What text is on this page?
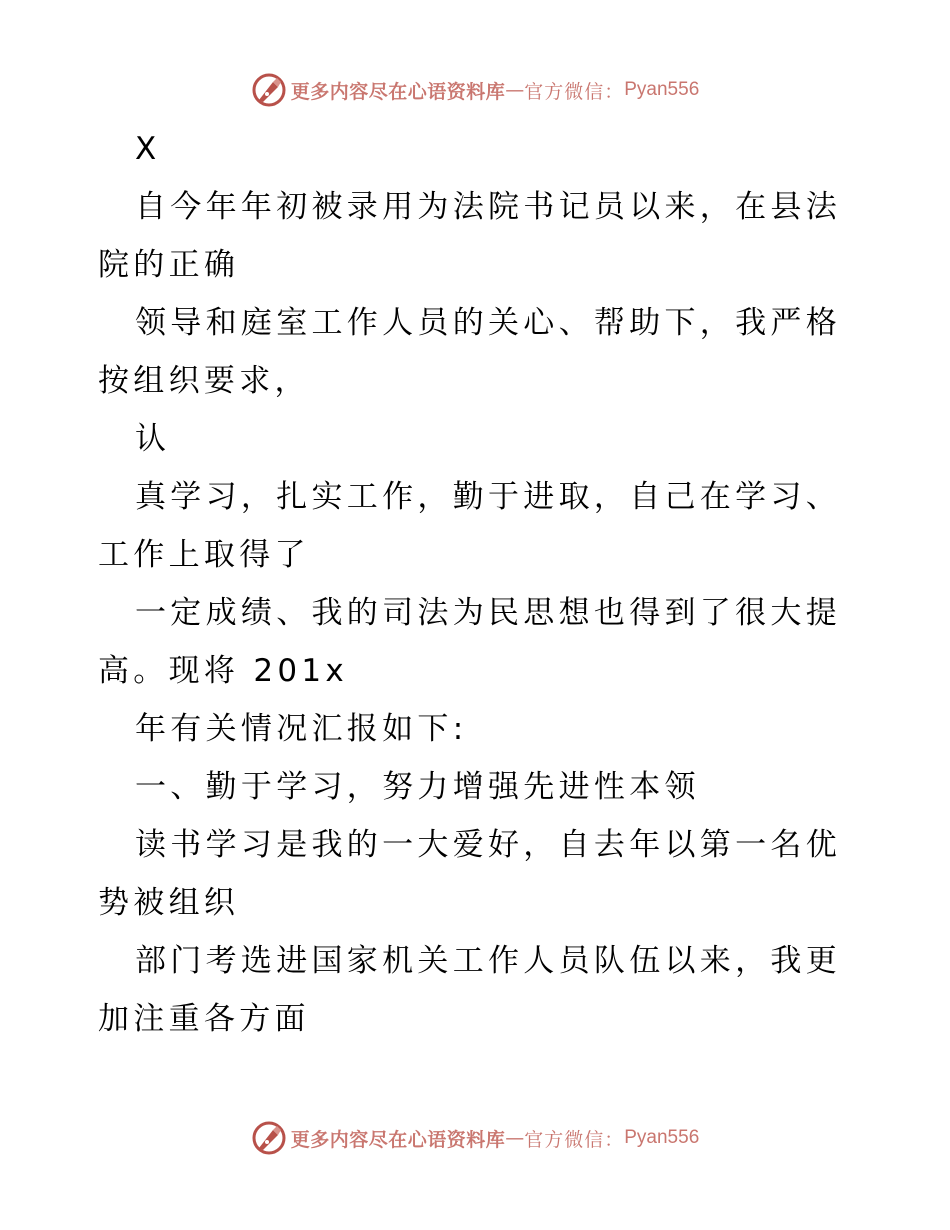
更多内容尽在心语资料库 — 官方微信： Pyan556

X

自今年年初被录用为法院书记员以来，在县法院的正确

领导和庭室工作人员的关心、帮助下，我严格按组织要求，

认

真学习，扎实工作，勤于进取，自己在学习、工作上取得了

一定成绩、我的司法为民思想也得到了很大提高。现将 201x

年有关情况汇报如下:

一、勤于学习，努力增强先进性本领

读书学习是我的一大爱好，自去年以第一名优势被组织

部门考选进国家机关工作人员队伍以来，我更加注重各方面

更多内容尽在心语资料库 — 官方微信： Pyan556
